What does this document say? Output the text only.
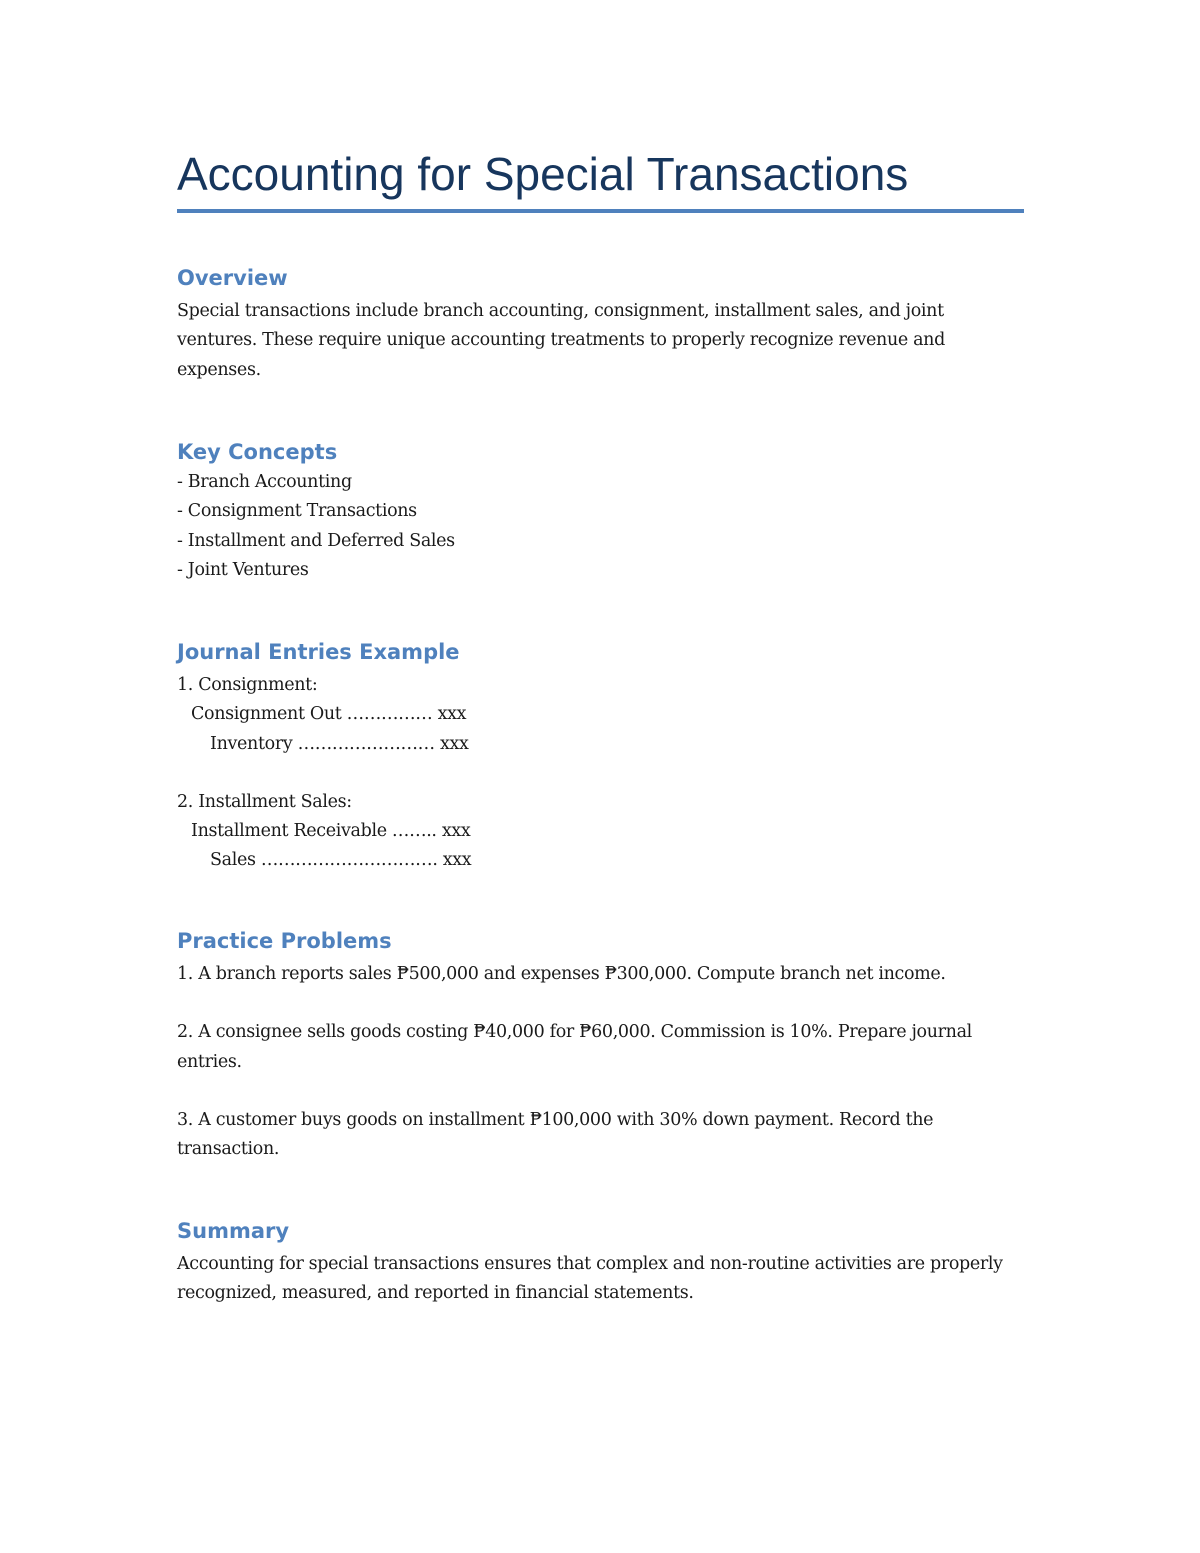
Accounting for Special Transactions
Overview

Special transactions include branch accounting, consignment, installment sales, and joint ventures. These require unique accounting treatments to properly recognize revenue and expenses.

Key Concepts
- Branch Accounting
- Consignment Transactions
- Installment and Deferred Sales
- Joint Ventures
Journal Entries Example
1. Consignment:
Consignment Out …………… xxx
Inventory …………………… xxx
2. Installment Sales:
Installment Receivable …….. xxx
Sales …………………………. xxx
Practice Problems

1. A branch reports sales ₱500,000 and expenses ₱300,000. Compute branch net income.

2. A consignee sells goods costing ₱40,000 for ₱60,000. Commission is 10%. Prepare journal entries.

3. A customer buys goods on installment ₱100,000 with 30% down payment. Record the transaction.

Summary

Accounting for special transactions ensures that complex and non-routine activities are properly recognized, measured, and reported in financial statements.
